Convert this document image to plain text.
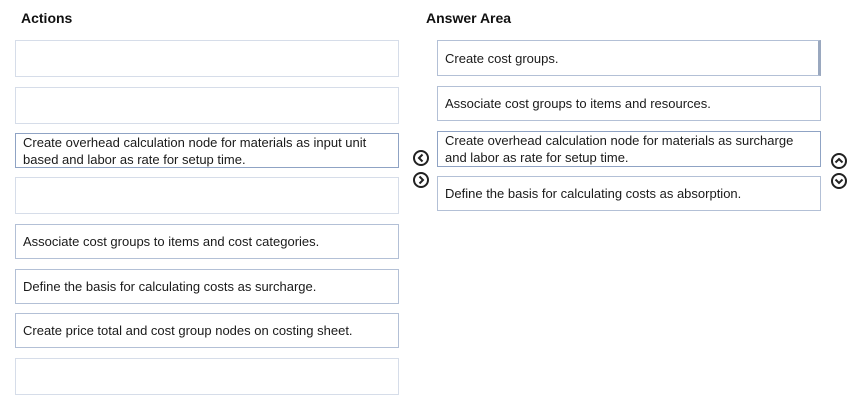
Actions	Answer Area
Create overhead calculation node for materials as input unit based and labor as rate for setup time.
Associate cost groups to items and cost categories.
Define the basis for calculating costs as surcharge.
Create price total and cost group nodes on costing sheet.
Create cost groups.
Associate cost groups to items and resources.
Create overhead calculation node for materials as surcharge and labor as rate for setup time.
Define the basis for calculating costs as absorption.
